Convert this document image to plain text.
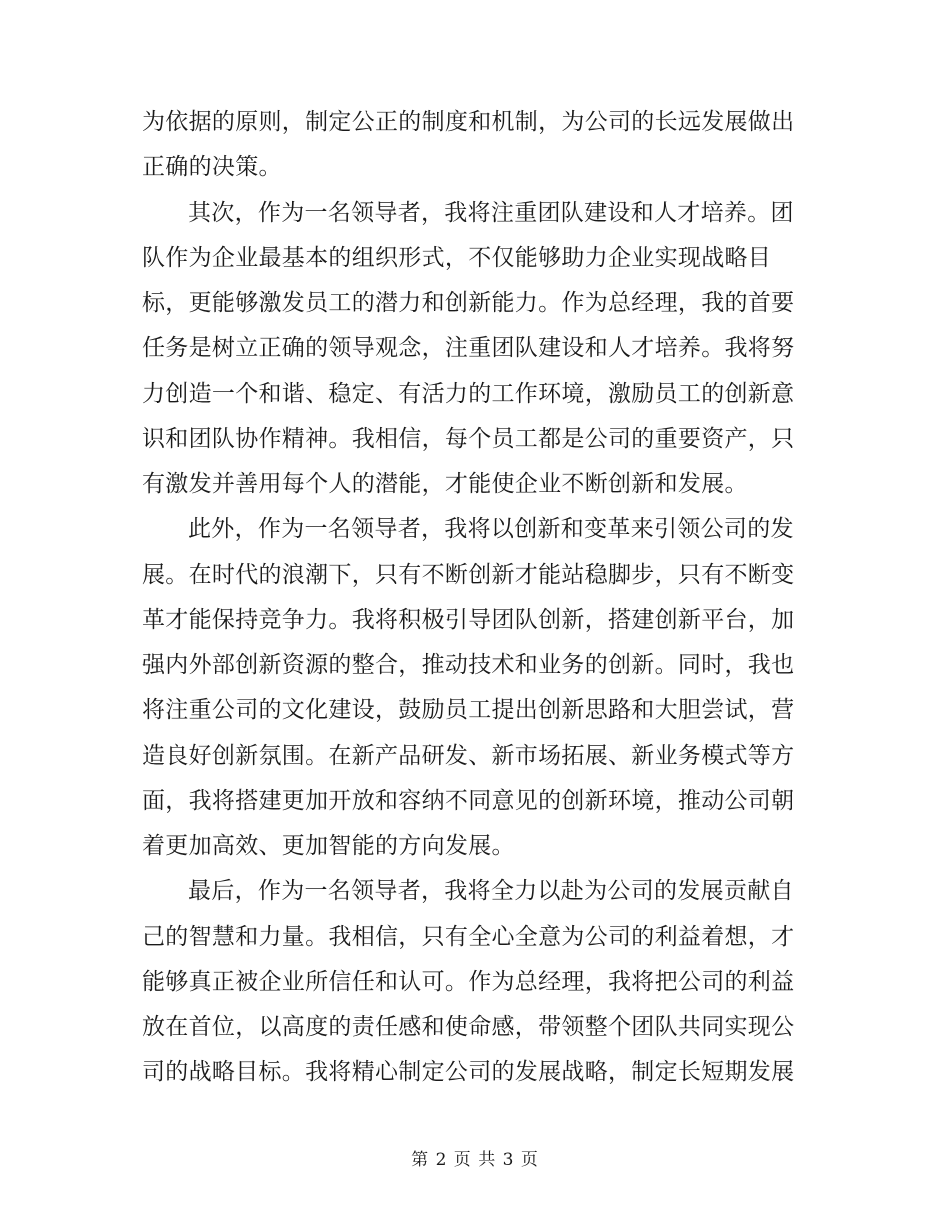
为依据的原则，制定公正的制度和机制，为公司的长远发展做出
正确的决策。
其次，作为一名领导者，我将注重团队建设和人才培养。团
队作为企业最基本的组织形式，不仅能够助力企业实现战略目
标，更能够激发员工的潜力和创新能力。作为总经理，我的首要
任务是树立正确的领导观念，注重团队建设和人才培养。我将努
力创造一个和谐、稳定、有活力的工作环境，激励员工的创新意
识和团队协作精神。我相信，每个员工都是公司的重要资产，只
有激发并善用每个人的潜能，才能使企业不断创新和发展。
此外，作为一名领导者，我将以创新和变革来引领公司的发
展。在时代的浪潮下，只有不断创新才能站稳脚步，只有不断变
革才能保持竞争力。我将积极引导团队创新，搭建创新平台，加
强内外部创新资源的整合，推动技术和业务的创新。同时，我也
将注重公司的文化建设，鼓励员工提出创新思路和大胆尝试，营
造良好创新氛围。在新产品研发、新市场拓展、新业务模式等方
面，我将搭建更加开放和容纳不同意见的创新环境，推动公司朝
着更加高效、更加智能的方向发展。
最后，作为一名领导者，我将全力以赴为公司的发展贡献自
己的智慧和力量。我相信，只有全心全意为公司的利益着想，才
能够真正被企业所信任和认可。作为总经理，我将把公司的利益
放在首位，以高度的责任感和使命感，带领整个团队共同实现公
司的战略目标。我将精心制定公司的发展战略，制定长短期发展
第 2 页 共 3 页
